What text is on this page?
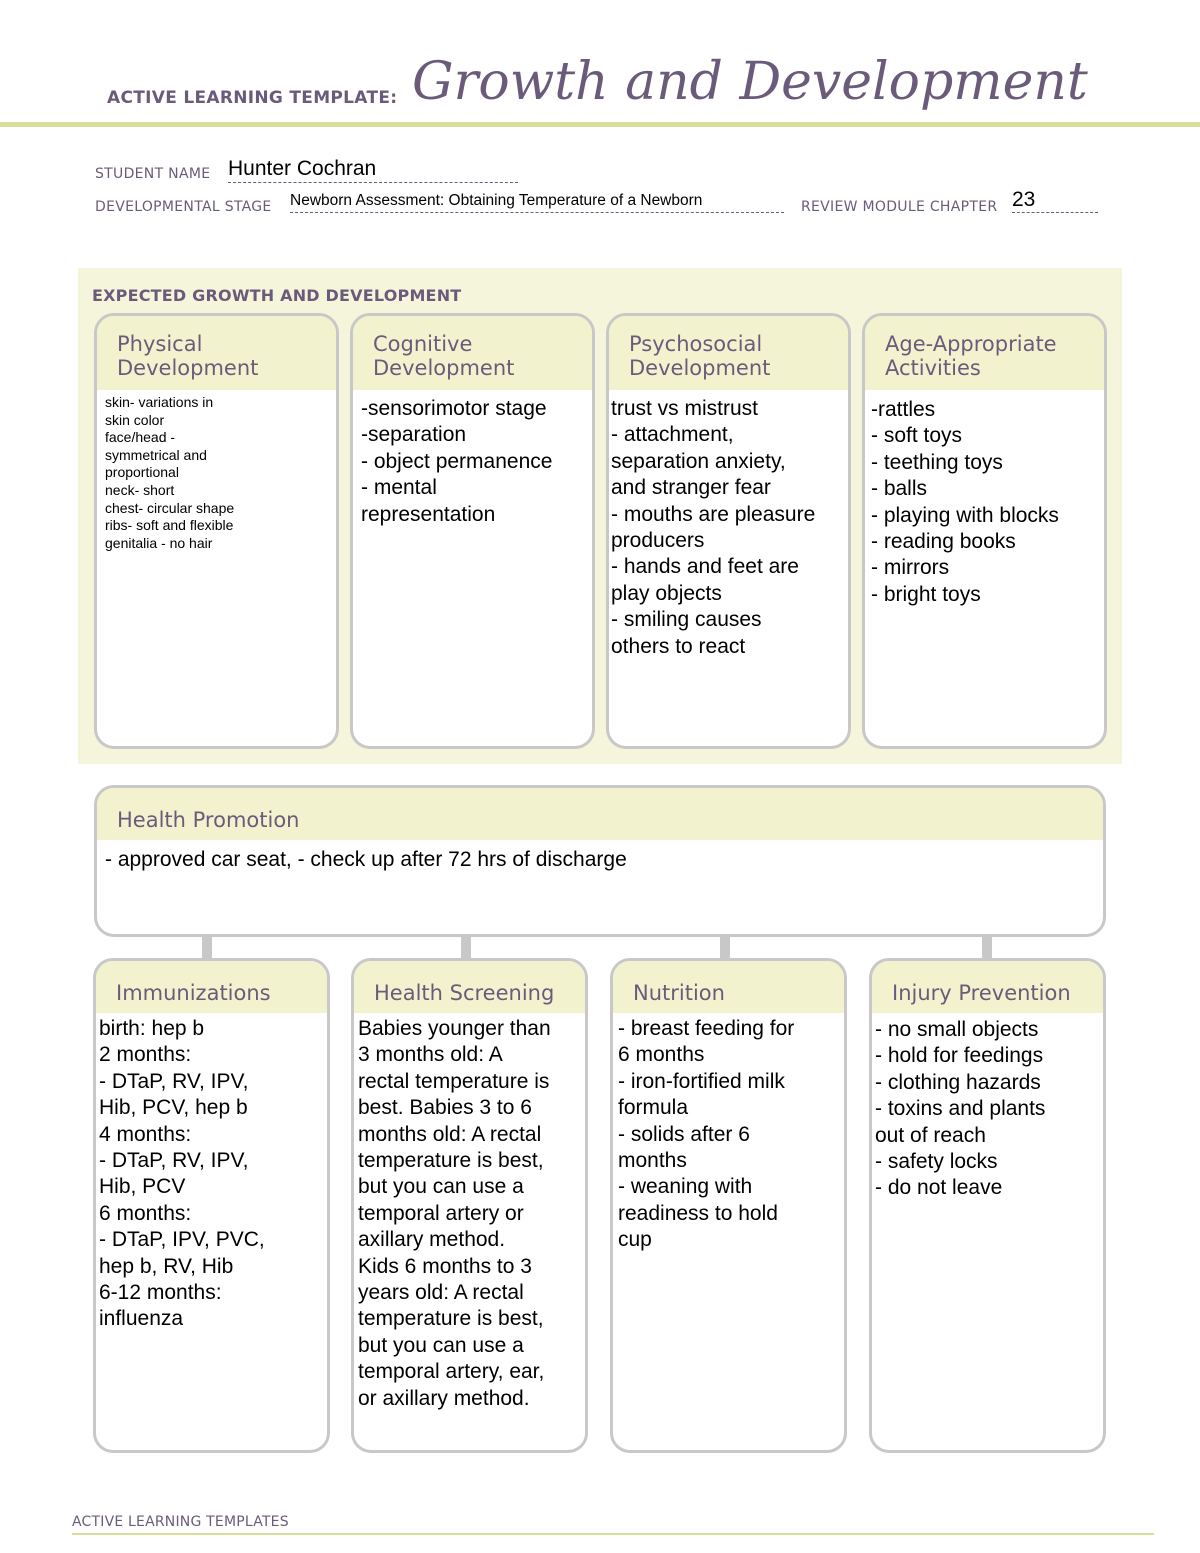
ACTIVE LEARNING TEMPLATE: Growth and Development
STUDENT NAME Hunter Cochran
DEVELOPMENTAL STAGE Newborn Assessment: Obtaining Temperature of a Newborn	REVIEW MODULE CHAPTER 23
EXPECTED GROWTH AND DEVELOPMENT
Physical
Development
skin- variations in
skin color
face/head -
symmetrical and
proportional
neck- short
chest- circular shape
ribs- soft and flexible
genitalia - no hair
Cognitive
Development
-sensorimotor stage
-separation
- object permanence
- mental
representation
Psychosocial
Development
trust vs mistrust
- attachment,
separation anxiety,
and stranger fear
- mouths are pleasure
producers
- hands and feet are
play objects
- smiling causes
others to react
Age-Appropriate
Activities
-rattles
- soft toys
- teething toys
- balls
- playing with blocks
- reading books
- mirrors
- bright toys
Health Promotion
- approved car seat, - check up after 72 hrs of discharge
Immunizations
birth: hep b
2 months:
- DTaP, RV, IPV,
Hib, PCV, hep b
4 months:
- DTaP, RV, IPV,
Hib, PCV
6 months:
- DTaP, IPV, PVC,
hep b, RV, Hib
6-12 months:
influenza
Health Screening
Babies younger than
3 months old: A
rectal temperature is
best. Babies 3 to 6
months old: A rectal
temperature is best,
but you can use a
temporal artery or
axillary method.
Kids 6 months to 3
years old: A rectal
temperature is best,
but you can use a
temporal artery, ear,
or axillary method.
Nutrition
- breast feeding for
6 months
- iron-fortified milk
formula
- solids after 6
months
- weaning with
readiness to hold
cup
Injury Prevention
- no small objects
- hold for feedings
- clothing hazards
- toxins and plants
out of reach
- safety locks
- do not leave
ACTIVE LEARNING TEMPLATES
